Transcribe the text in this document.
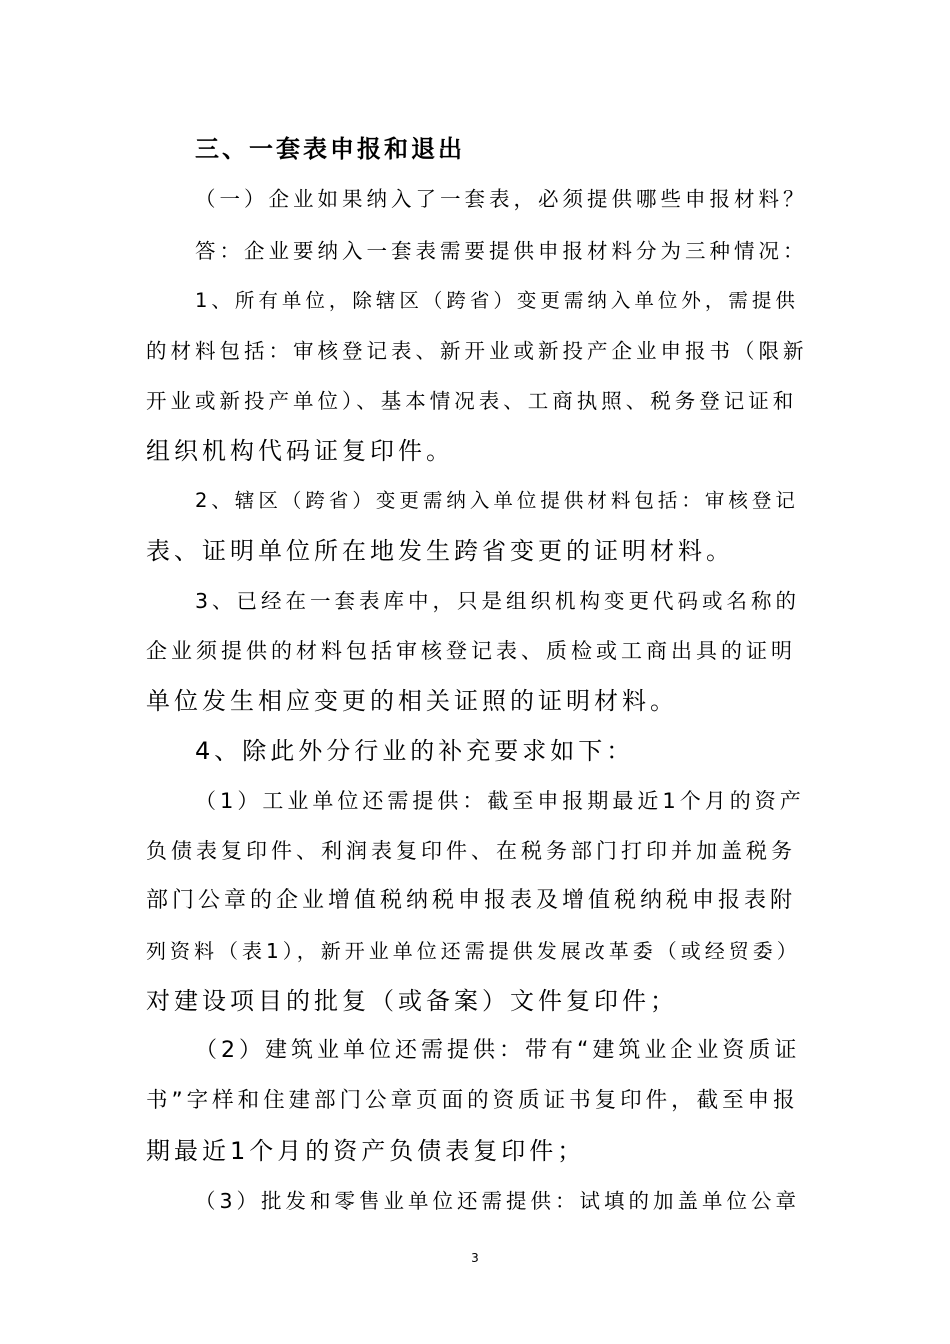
三、一套表申报和退出
（一）企业如果纳入了一套表，必须提供哪些申报材料？
答：企业要纳入一套表需要提供申报材料分为三种情况：
1、所有单位，除辖区（跨省）变更需纳入单位外，需提供
的材料包括：审核登记表、新开业或新投产企业申报书（限新
开业或新投产单位）、基本情况表、工商执照、税务登记证和
组织机构代码证复印件。
2、辖区（跨省）变更需纳入单位提供材料包括：审核登记
表、证明单位所在地发生跨省变更的证明材料。
3、已经在一套表库中，只是组织机构变更代码或名称的
企业须提供的材料包括审核登记表、质检或工商出具的证明
单位发生相应变更的相关证照的证明材料。
4、除此外分行业的补充要求如下：
（1）工业单位还需提供：截至申报期最近1个月的资产
负债表复印件、利润表复印件、在税务部门打印并加盖税务
部门公章的企业增值税纳税申报表及增值税纳税申报表附
列资料（表1），新开业单位还需提供发展改革委（或经贸委）
对建设项目的批复（或备案）文件复印件；
（2）建筑业单位还需提供：带有“建筑业企业资质证
书”字样和住建部门公章页面的资质证书复印件，截至申报
期最近1个月的资产负债表复印件；
（3）批发和零售业单位还需提供：试填的加盖单位公章
3
